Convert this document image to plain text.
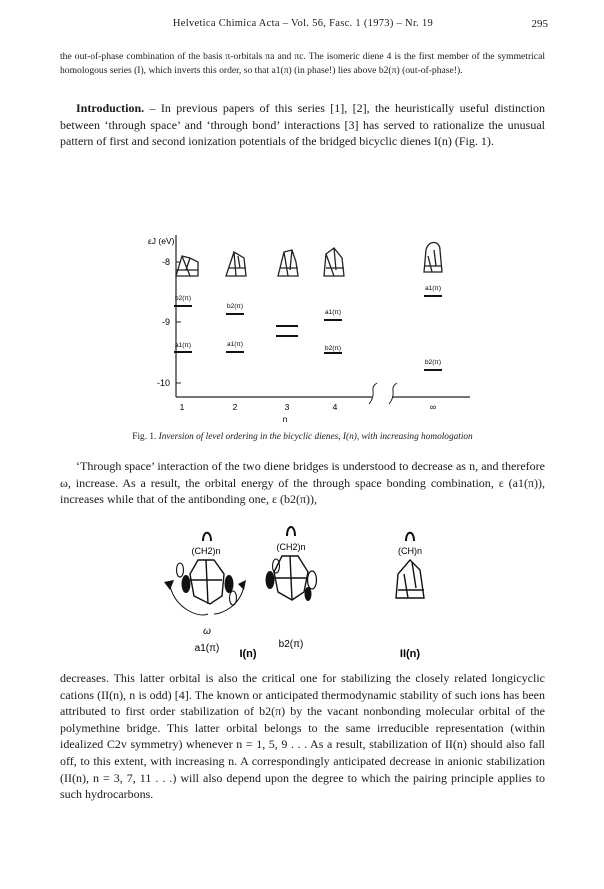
Helvetica Chimica Acta – Vol. 56, Fasc. 1 (1973) – Nr. 19	295
the out-of-phase combination of the basis π-orbitals πa and πc. The isomeric diene 4 is the first member of the symmetrical homologous series (I), which inverts this order, so that a1(π) (in phase!) lies above b2(π) (out-of-phase!).
Introduction. – In previous papers of this series [1], [2], the heuristically useful distinction between ‘through space’ and ‘through bond’ interactions [3] has served to rationalize the unusual pattern of first and second ionization potentials of the bridged bicyclic dienes I(n) (Fig. 1).
-8
-9
-10
εJ (eV)
1	2	3	4	∞
n
b2(π)
a1(π)
b2(π)
a1(π)
a1(π)
b2(π)
a1(π)
b2(π)
Fig. 1. Inversion of level ordering in the bicyclic dienes, I(n), with increasing homologation
‘Through space’ interaction of the two diene bridges is understood to decrease as n, and therefore ω, increase. As a result, the orbital energy of the through space bonding combination, ε (a1(π)), increases while that of the antibonding one, ε (b2(π)),
(CH2)n
ω
(CH2)n	(CH)n
a1(π) I(n)
b2(π)
II(n)
decreases. This latter orbital is also the critical one for stabilizing the closely related longicyclic cations (II(n), n is odd) [4]. The known or anticipated thermodynamic stability of such ions has been attributed to first order stabilization of b2(π) by the vacant nonbonding molecular orbital of the polymethine bridge. This latter orbital belongs to the same irreducible representation (within idealized C2v symmetry) whenever n = 1, 5, 9 . . . As a result, stabilization of II(n) should also fall off, to this extent, with increasing n. A correspondingly anticipated decrease in anionic stabilization (II(n), n = 3, 7, 11 . . .) will also depend upon the degree to which the pairing principle applies to such hydrocarbons.
